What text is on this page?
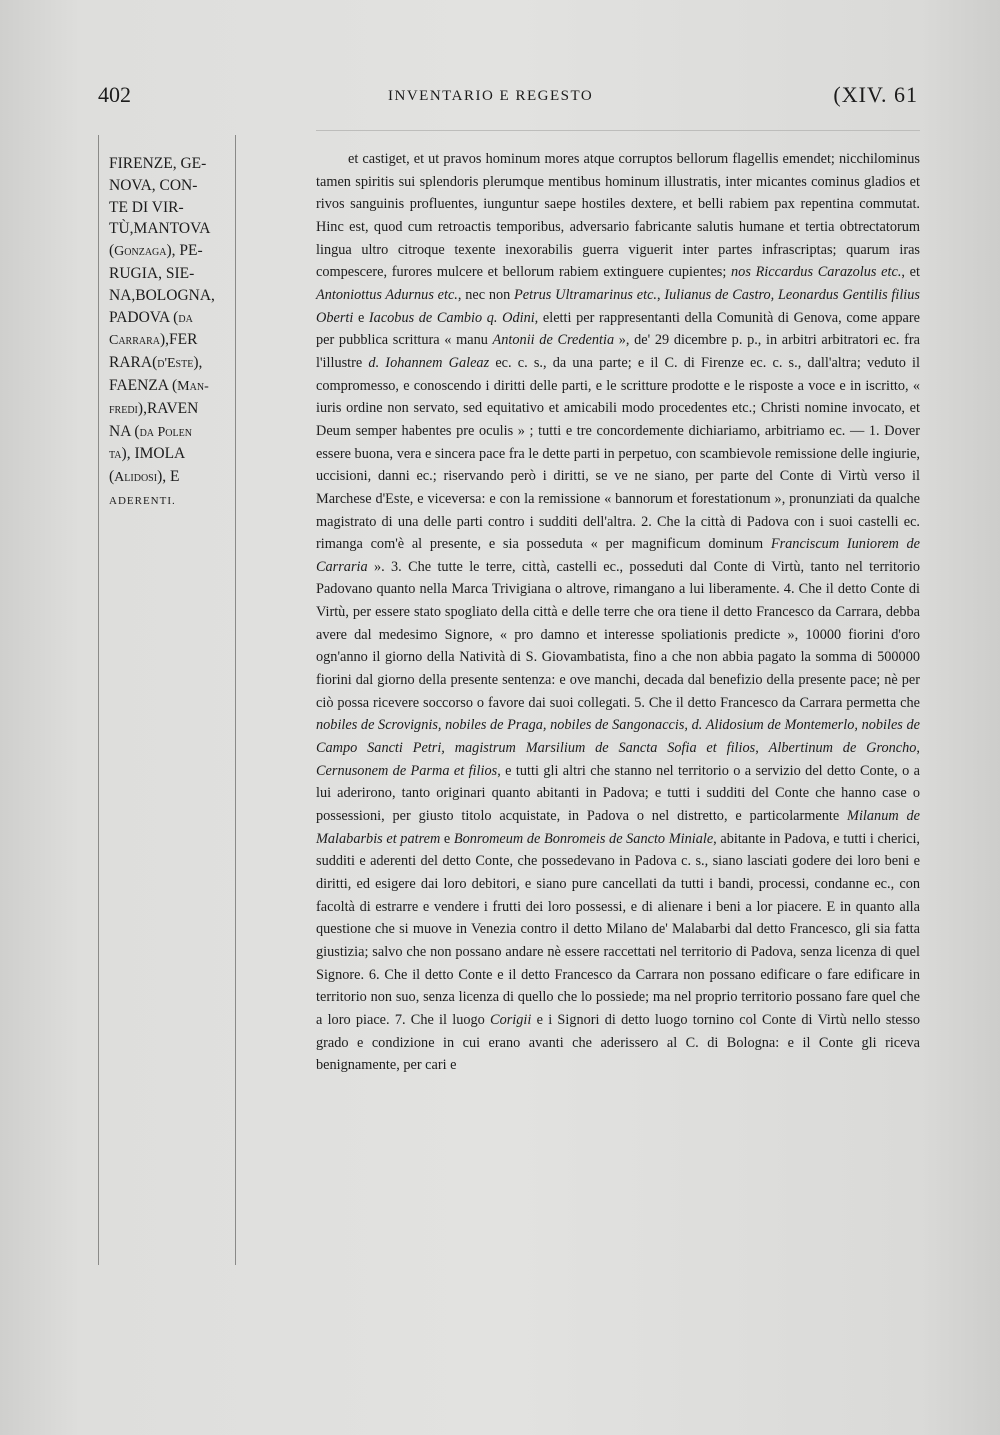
402	INVENTARIO E REGESTO	(XIV. 61
FIRENZE, GE-
NOVA, CON-
TE DI VIR-
TÙ,MANTOVA
(Gonzaga), PE-
RUGIA, SIE-
NA,BOLOGNA,
PADOVA (da
Carrara),FER
RARA(d'Este),
FAENZA (Man-
fredi),RAVEN
NA (da Polen
ta), IMOLA
(Alidosi), E
ADERENTI.

et castiget, et ut pravos hominum mores atque corruptos bellorum flagellis emendet; nicchilominus tamen spiritis sui splendoris plerumque mentibus hominum illustratis, inter micantes cominus gladios et rivos sanguinis profluentes, iunguntur saepe hostiles dextere, et belli rabiem pax repentina commutat. Hinc est, quod cum retroactis temporibus, adversario fabricante salutis humane et tertia obtrectatorum lingua ultro citroque texente inexorabilis guerra viguerit inter partes infrascriptas; quarum iras compescere, furores mulcere et bellorum rabiem extinguere cupientes; nos Riccardus Carazolus etc., et Antoniottus Adurnus etc., nec non Petrus Ultramarinus etc., Iulianus de Castro, Leonardus Gentilis filius Oberti e Iacobus de Cambio q. Odini, eletti per rappresentanti della Comunità di Genova, come appare per pubblica scrittura « manu Antonii de Credentia », de' 29 dicembre p. p., in arbitri arbitratori ec. fra l'illustre d. Iohannem Galeaz ec. c. s., da una parte; e il C. di Firenze ec. c. s., dall'altra; veduto il compromesso, e conoscendo i diritti delle parti, e le scritture prodotte e le risposte a voce e in iscritto, « iuris ordine non servato, sed equitativo et amicabili modo procedentes etc.; Christi nomine invocato, et Deum semper habentes pre oculis » ; tutti e tre concordemente dichiariamo, arbitriamo ec. — 1. Dover essere buona, vera e sincera pace fra le dette parti in perpetuo, con scambievole remissione delle ingiurie, uccisioni, danni ec.; riservando però i diritti, se ve ne siano, per parte del Conte di Virtù verso il Marchese d'Este, e viceversa: e con la remissione « bannorum et forestationum », pronunziati da qualche magistrato di una delle parti contro i sudditi dell'altra. 2. Che la città di Padova con i suoi castelli ec. rimanga com'è al presente, e sia posseduta « per magnificum dominum Franciscum Iuniorem de Carraria ». 3. Che tutte le terre, città, castelli ec., posseduti dal Conte di Virtù, tanto nel territorio Padovano quanto nella Marca Trivigiana o altrove, rimangano a lui liberamente. 4. Che il detto Conte di Virtù, per essere stato spogliato della città e delle terre che ora tiene il detto Francesco da Carrara, debba avere dal medesimo Signore, « pro damno et interesse spoliationis predicte », 10000 fiorini d'oro ogn'anno il giorno della Natività di S. Giovambatista, fino a che non abbia pagato la somma di 500000 fiorini dal giorno della presente sentenza: e ove manchi, decada dal benefizio della presente pace; nè per ciò possa ricevere soccorso o favore dai suoi collegati. 5. Che il detto Francesco da Carrara permetta che nobiles de Scrovignis, nobiles de Praga, nobiles de Sangonaccis, d. Alidosium de Montemerlo, nobiles de Campo Sancti Petri, magistrum Marsilium de Sancta Sofia et filios, Albertinum de Groncho, Cernusonem de Parma et filios, e tutti gli altri che stanno nel territorio o a servizio del detto Conte, o a lui aderirono, tanto originari quanto abitanti in Padova; e tutti i sudditi del Conte che hanno case o possessioni, per giusto titolo acquistate, in Padova o nel distretto, e particolarmente Milanum de Malabarbis et patrem e Bonromeum de Bonromeis de Sancto Miniale, abitante in Padova, e tutti i cherici, sudditi e aderenti del detto Conte, che possedevano in Padova c. s., siano lasciati godere dei loro beni e diritti, ed esigere dai loro debitori, e siano pure cancellati da tutti i bandi, processi, condanne ec., con facoltà di estrarre e vendere i frutti dei loro possessi, e di alienare i beni a lor piacere. E in quanto alla questione che si muove in Venezia contro il detto Milano de' Malabarbi dal detto Francesco, gli sia fatta giustizia; salvo che non possano andare nè essere raccettati nel territorio di Padova, senza licenza di quel Signore. 6. Che il detto Conte e il detto Francesco da Carrara non possano edificare o fare edificare in territorio non suo, senza licenza di quello che lo possiede; ma nel proprio territorio possano fare quel che a loro piace. 7. Che il luogo Corigii e i Signori di detto luogo tornino col Conte di Virtù nello stesso grado e condizione in cui erano avanti che aderissero al C. di Bologna: e il Conte gli riceva benignamente, per cari e
